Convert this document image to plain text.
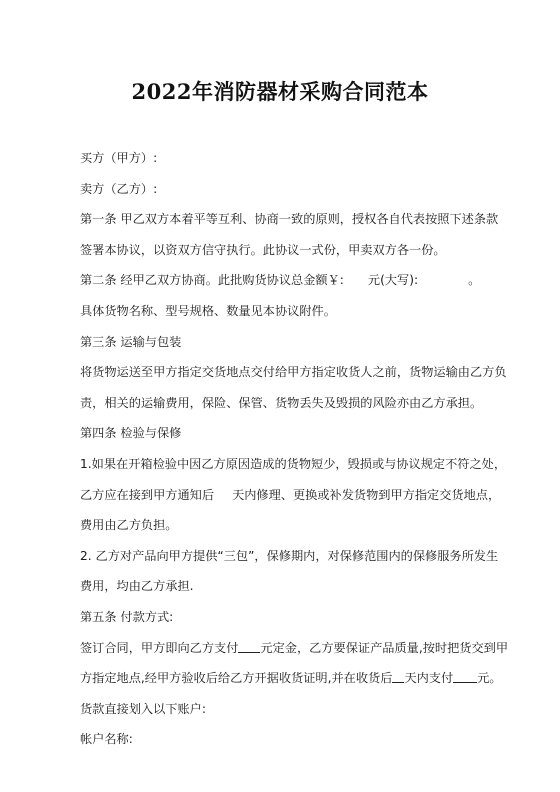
2022年消防器材采购合同范本
买方（甲方）:
卖方（乙方）:
第一条 甲乙双方本着平等互利、协商一致的原则，授权各自代表按照下述条款
签署本协议，以资双方信守执行。此协议一式份，甲卖双方各一份。
第二条 经甲乙双方协商。此批购货协议总金额￥: 元(大写):	。
具体货物名称、型号规格、数量见本协议附件。
第三条 运输与包装
将货物运送至甲方指定交货地点交付给甲方指定收货人之前，货物运输由乙方负
责，相关的运输费用，保险、保管、货物丢失及毁损的风险亦由乙方承担。
第四条 检验与保修
1.如果在开箱检验中因乙方原因造成的货物短少，毁损或与协议规定不符之处，
乙方应在接到甲方通知后 天内修理、更换或补发货物到甲方指定交货地点，
费用由乙方负担。
2. 乙方对产品向甲方提供“三包”，保修期内，对保修范围内的保修服务所发生
费用，均由乙方承担.
第五条 付款方式:
签订合同，甲方即向乙方支付 元定金，乙方要保证产品质量,按时把货交到甲
方指定地点,经甲方验收后给乙方开据收货证明,并在收货后 天内支付 元。
货款直接划入以下账户:
帐户名称:
